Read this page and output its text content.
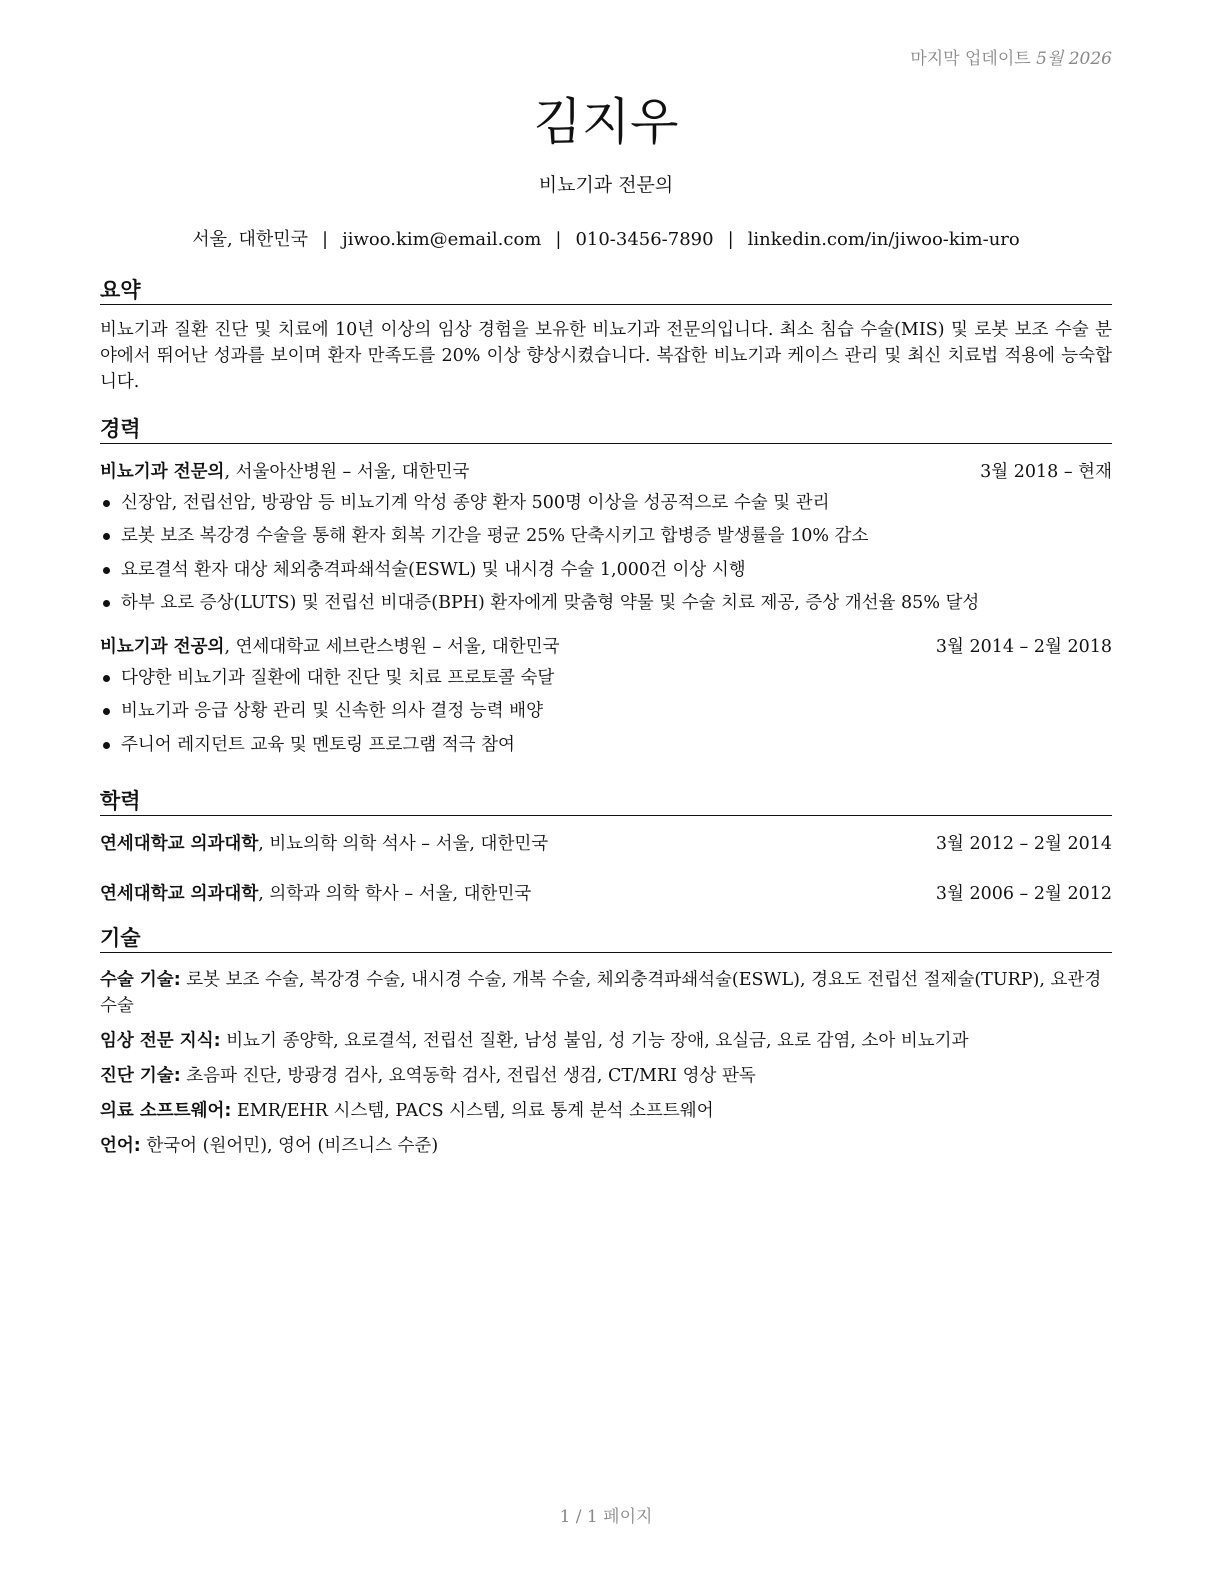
마지막 업데이트 5월 2026
김지우
비뇨기과 전문의
서울, 대한민국 | jiwoo.kim@email.com | 010-3456-7890 | linkedin.com/in/jiwoo-kim-uro
요약
비뇨기과 질환 진단 및 치료에 10년 이상의 임상 경험을 보유한 비뇨기과 전문의입니다. 최소 침습 수술(MIS) 및 로봇 보조 수술 분야에서 뛰어난 성과를 보이며 환자 만족도를 20% 이상 향상시켰습니다. 복잡한 비뇨기과 케이스 관리 및 최신 치료법 적용에 능숙합니다.
경력
비뇨기과 전문의, 서울아산병원 – 서울, 대한민국	3월 2018 – 현재
신장암, 전립선암, 방광암 등 비뇨기계 악성 종양 환자 500명 이상을 성공적으로 수술 및 관리
로봇 보조 복강경 수술을 통해 환자 회복 기간을 평균 25% 단축시키고 합병증 발생률을 10% 감소
요로결석 환자 대상 체외충격파쇄석술(ESWL) 및 내시경 수술 1,000건 이상 시행
하부 요로 증상(LUTS) 및 전립선 비대증(BPH) 환자에게 맞춤형 약물 및 수술 치료 제공, 증상 개선율 85% 달성
비뇨기과 전공의, 연세대학교 세브란스병원 – 서울, 대한민국	3월 2014 – 2월 2018
다양한 비뇨기과 질환에 대한 진단 및 치료 프로토콜 숙달
비뇨기과 응급 상황 관리 및 신속한 의사 결정 능력 배양
주니어 레지던트 교육 및 멘토링 프로그램 적극 참여
학력
연세대학교 의과대학, 비뇨의학 의학 석사 – 서울, 대한민국	3월 2012 – 2월 2014
연세대학교 의과대학, 의학과 의학 학사 – 서울, 대한민국	3월 2006 – 2월 2012
기술
수술 기술: 로봇 보조 수술, 복강경 수술, 내시경 수술, 개복 수술, 체외충격파쇄석술(ESWL), 경요도 전립선 절제술(TURP), 요관경 수술
임상 전문 지식: 비뇨기 종양학, 요로결석, 전립선 질환, 남성 불임, 성 기능 장애, 요실금, 요로 감염, 소아 비뇨기과
진단 기술: 초음파 진단, 방광경 검사, 요역동학 검사, 전립선 생검, CT/MRI 영상 판독
의료 소프트웨어: EMR/EHR 시스템, PACS 시스템, 의료 통계 분석 소프트웨어
언어: 한국어 (원어민), 영어 (비즈니스 수준)
1 / 1 페이지
